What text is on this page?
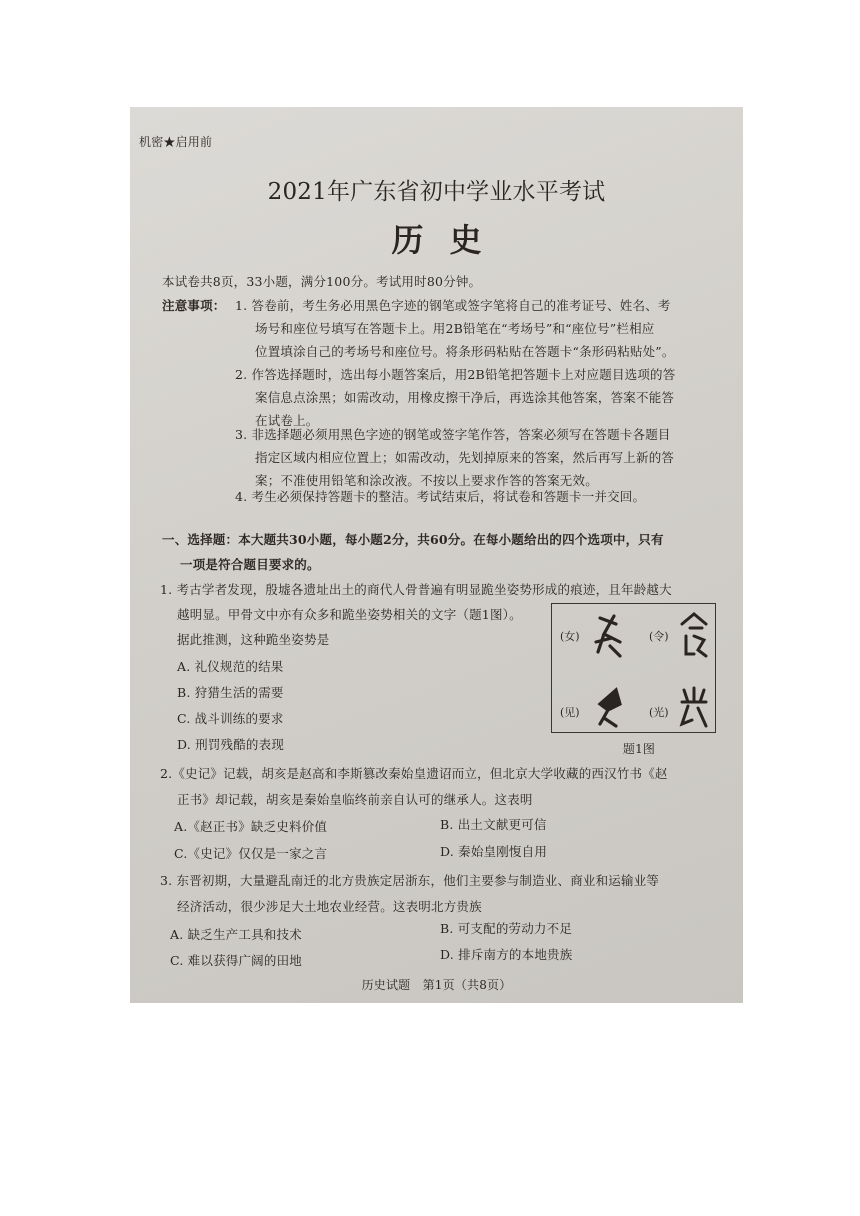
机密★启用前
2021年广东省初中学业水平考试
历史
本试卷共8页，33小题，满分100分。考试用时80分钟。
注意事项： 1. 答卷前，考生务必用黑色字迹的钢笔或签字笔将自己的准考证号、姓名、考
场号和座位号填写在答题卡上。用2B铅笔在“考场号”和“座位号”栏相应
位置填涂自己的考场号和座位号。将条形码粘贴在答题卡“条形码粘贴处”。
2. 作答选择题时，选出每小题答案后，用2B铅笔把答题卡上对应题目选项的答
案信息点涂黑；如需改动，用橡皮擦干净后，再选涂其他答案，答案不能答
在试卷上。
3. 非选择题必须用黑色字迹的钢笔或签字笔作答，答案必须写在答题卡各题目
指定区域内相应位置上；如需改动，先划掉原来的答案，然后再写上新的答
案；不准使用铅笔和涂改液。不按以上要求作答的答案无效。
4. 考生必须保持答题卡的整洁。考试结束后，将试卷和答题卡一并交回。
一、选择题：本大题共30小题，每小题2分，共60分。在每小题给出的四个选项中，只有
一项是符合题目要求的。
1. 考古学者发现，殷墟各遗址出土的商代人骨普遍有明显跪坐姿势形成的痕迹，且年龄越大
越明显。甲骨文中亦有众多和跪坐姿势相关的文字（题1图）。
据此推测，这种跪坐姿势是
A. 礼仪规范的结果
B. 狩猎生活的需要
C. 战斗训练的要求
D. 刑罚残酷的表现
(女)	(令)
(见)	(光)
题1图
2.《史记》记载，胡亥是赵高和李斯篡改秦始皇遗诏而立，但北京大学收藏的西汉竹书《赵
正书》却记载，胡亥是秦始皇临终前亲自认可的继承人。这表明
A.《赵正书》缺乏史料价值	B. 出土文献更可信
C.《史记》仅仅是一家之言	D. 秦始皇刚愎自用
3. 东晋初期，大量避乱南迁的北方贵族定居浙东，他们主要参与制造业、商业和运输业等
经济活动，很少涉足大土地农业经营。这表明北方贵族
A. 缺乏生产工具和技术	B. 可支配的劳动力不足
C. 难以获得广阔的田地	D. 排斥南方的本地贵族
历史试题　第1页（共8页）
